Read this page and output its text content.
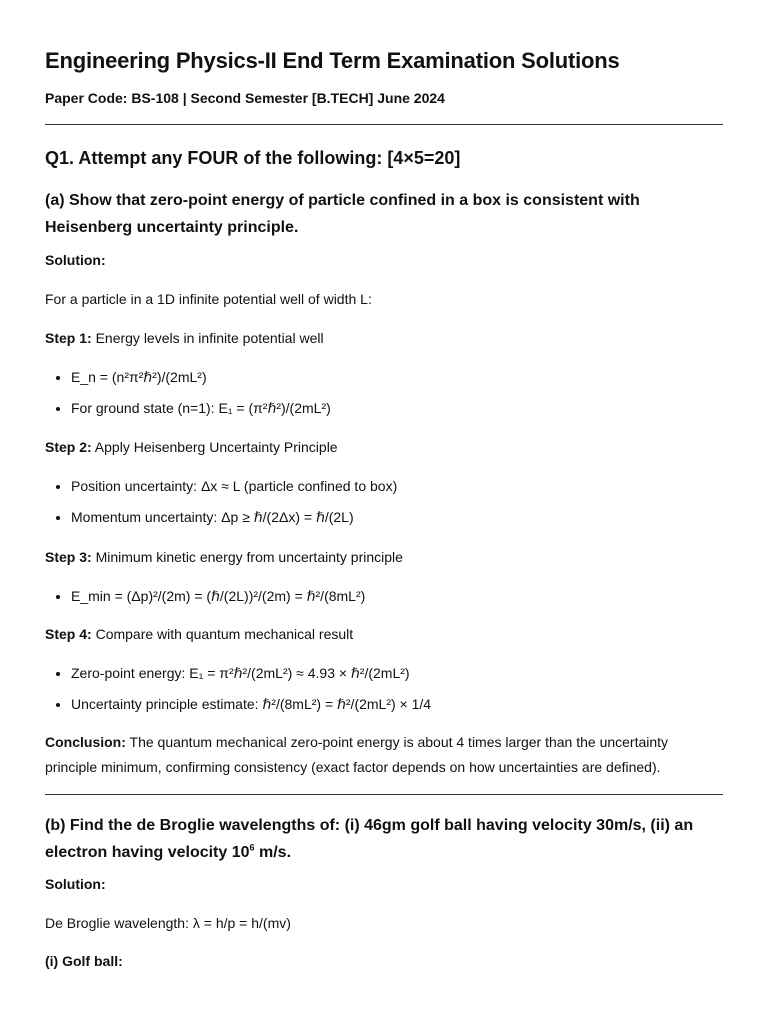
Engineering Physics-II End Term Examination Solutions

Paper Code: BS-108 | Second Semester [B.TECH] June 2024

Q1. Attempt any FOUR of the following: [4×5=20]
(a) Show that zero-point energy of particle confined in a box is consistent with Heisenberg uncertainty principle.

Solution:

For a particle in a 1D infinite potential well of width L:

Step 1: Energy levels in infinite potential well

• E_n = (n²π²ℏ²)/(2mL²)
• For ground state (n=1): E₁ = (π²ℏ²)/(2mL²)

Step 2: Apply Heisenberg Uncertainty Principle

• Position uncertainty: Δx ≈ L (particle confined to box)
• Momentum uncertainty: Δp ≥ ℏ/(2Δx) = ℏ/(2L)

Step 3: Minimum kinetic energy from uncertainty principle

• E_min = (Δp)²/(2m) = (ℏ/(2L))²/(2m) = ℏ²/(8mL²)

Step 4: Compare with quantum mechanical result

• Zero-point energy: E₁ = π²ℏ²/(2mL²) ≈ 4.93 × ℏ²/(2mL²)
• Uncertainty principle estimate: ℏ²/(8mL²) = ℏ²/(2mL²) × 1/4

Conclusion: The quantum mechanical zero-point energy is about 4 times larger than the uncertainty principle minimum, confirming consistency (exact factor depends on how uncertainties are defined).

(b) Find the de Broglie wavelengths of: (i) 46gm golf ball having velocity 30m/s, (ii) an electron having velocity $10^6$ m/s.

Solution:

De Broglie wavelength: λ = h/p = h/(mv)

(i) Golf ball:
